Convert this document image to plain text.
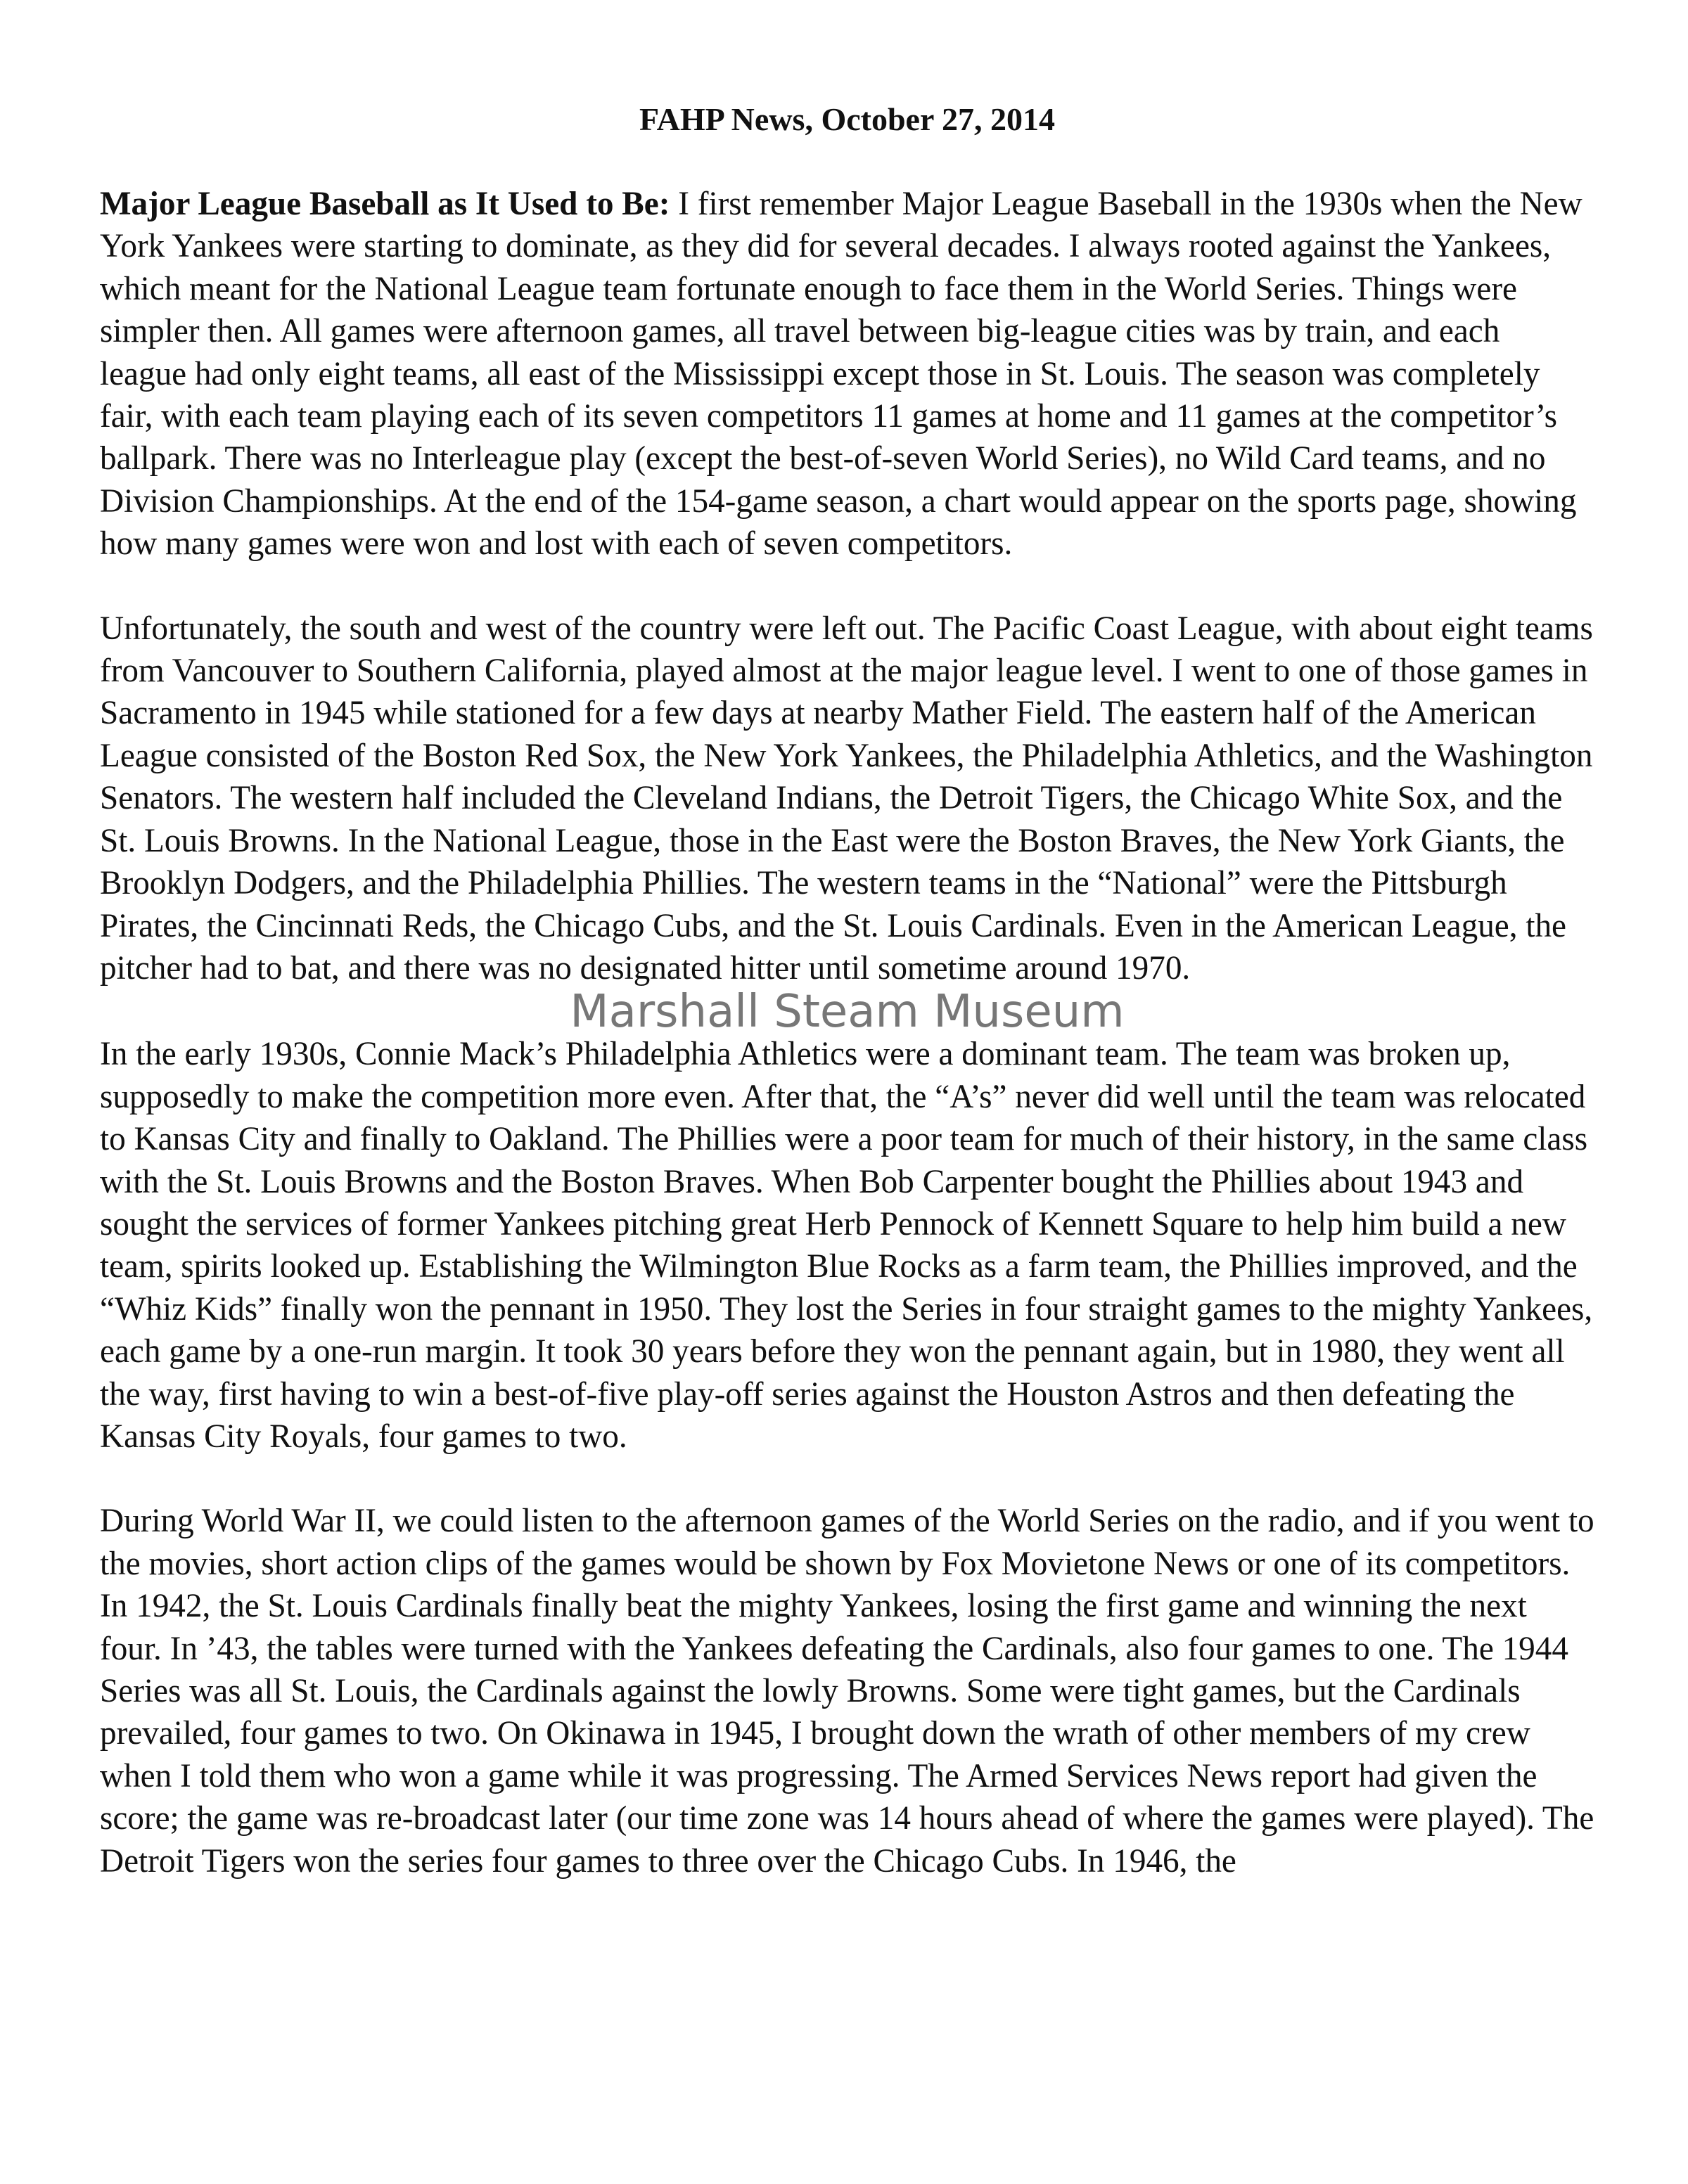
FAHP News, October 27, 2014

Major League Baseball as It Used to Be: I first remember Major League Baseball in the 1930s when the New York Yankees were starting to dominate, as they did for several decades. I always rooted against the Yankees, which meant for the National League team fortunate enough to face them in the World Series. Things were simpler then. All games were afternoon games, all travel between big-league cities was by train, and each league had only eight teams, all east of the Mississippi except those in St. Louis. The season was completely fair, with each team playing each of its seven competitors 11 games at home and 11 games at the competitor’s ballpark. There was no Interleague play (except the best-of-seven World Series), no Wild Card teams, and no Division Championships. At the end of the 154-game season, a chart would appear on the sports page, showing how many games were won and lost with each of seven competitors.

Unfortunately, the south and west of the country were left out. The Pacific Coast League, with about eight teams from Vancouver to Southern California, played almost at the major league level. I went to one of those games in Sacramento in 1945 while stationed for a few days at nearby Mather Field. The eastern half of the American League consisted of the Boston Red Sox, the New York Yankees, the Philadelphia Athletics, and the Washington Senators. The western half included the Cleveland Indians, the Detroit Tigers, the Chicago White Sox, and the St. Louis Browns. In the National League, those in the East were the Boston Braves, the New York Giants, the Brooklyn Dodgers, and the Philadelphia Phillies. The western teams in the “National” were the Pittsburgh Pirates, the Cincinnati Reds, the Chicago Cubs, and the St. Louis Cardinals. Even in the American League, the pitcher had to bat, and there was no designated hitter until sometime around 1970.

Marshall Steam Museum

In the early 1930s, Connie Mack’s Philadelphia Athletics were a dominant team. The team was broken up, supposedly to make the competition more even. After that, the “A’s” never did well until the team was relocated to Kansas City and finally to Oakland. The Phillies were a poor team for much of their history, in the same class with the St. Louis Browns and the Boston Braves. When Bob Carpenter bought the Phillies about 1943 and sought the services of former Yankees pitching great Herb Pennock of Kennett Square to help him build a new team, spirits looked up. Establishing the Wilmington Blue Rocks as a farm team, the Phillies improved, and the “Whiz Kids” finally won the pennant in 1950. They lost the Series in four straight games to the mighty Yankees, each game by a one-run margin. It took 30 years before they won the pennant again, but in 1980, they went all the way, first having to win a best-of-five play-off series against the Houston Astros and then defeating the Kansas City Royals, four games to two.

During World War II, we could listen to the afternoon games of the World Series on the radio, and if you went to the movies, short action clips of the games would be shown by Fox Movietone News or one of its competitors. In 1942, the St. Louis Cardinals finally beat the mighty Yankees, losing the first game and winning the next four. In ’43, the tables were turned with the Yankees defeating the Cardinals, also four games to one. The 1944 Series was all St. Louis, the Cardinals against the lowly Browns. Some were tight games, but the Cardinals prevailed, four games to two. On Okinawa in 1945, I brought down the wrath of other members of my crew when I told them who won a game while it was progressing. The Armed Services News report had given the score; the game was re-broadcast later (our time zone was 14 hours ahead of where the games were played). The Detroit Tigers won the series four games to three over the Chicago Cubs. In 1946, the
